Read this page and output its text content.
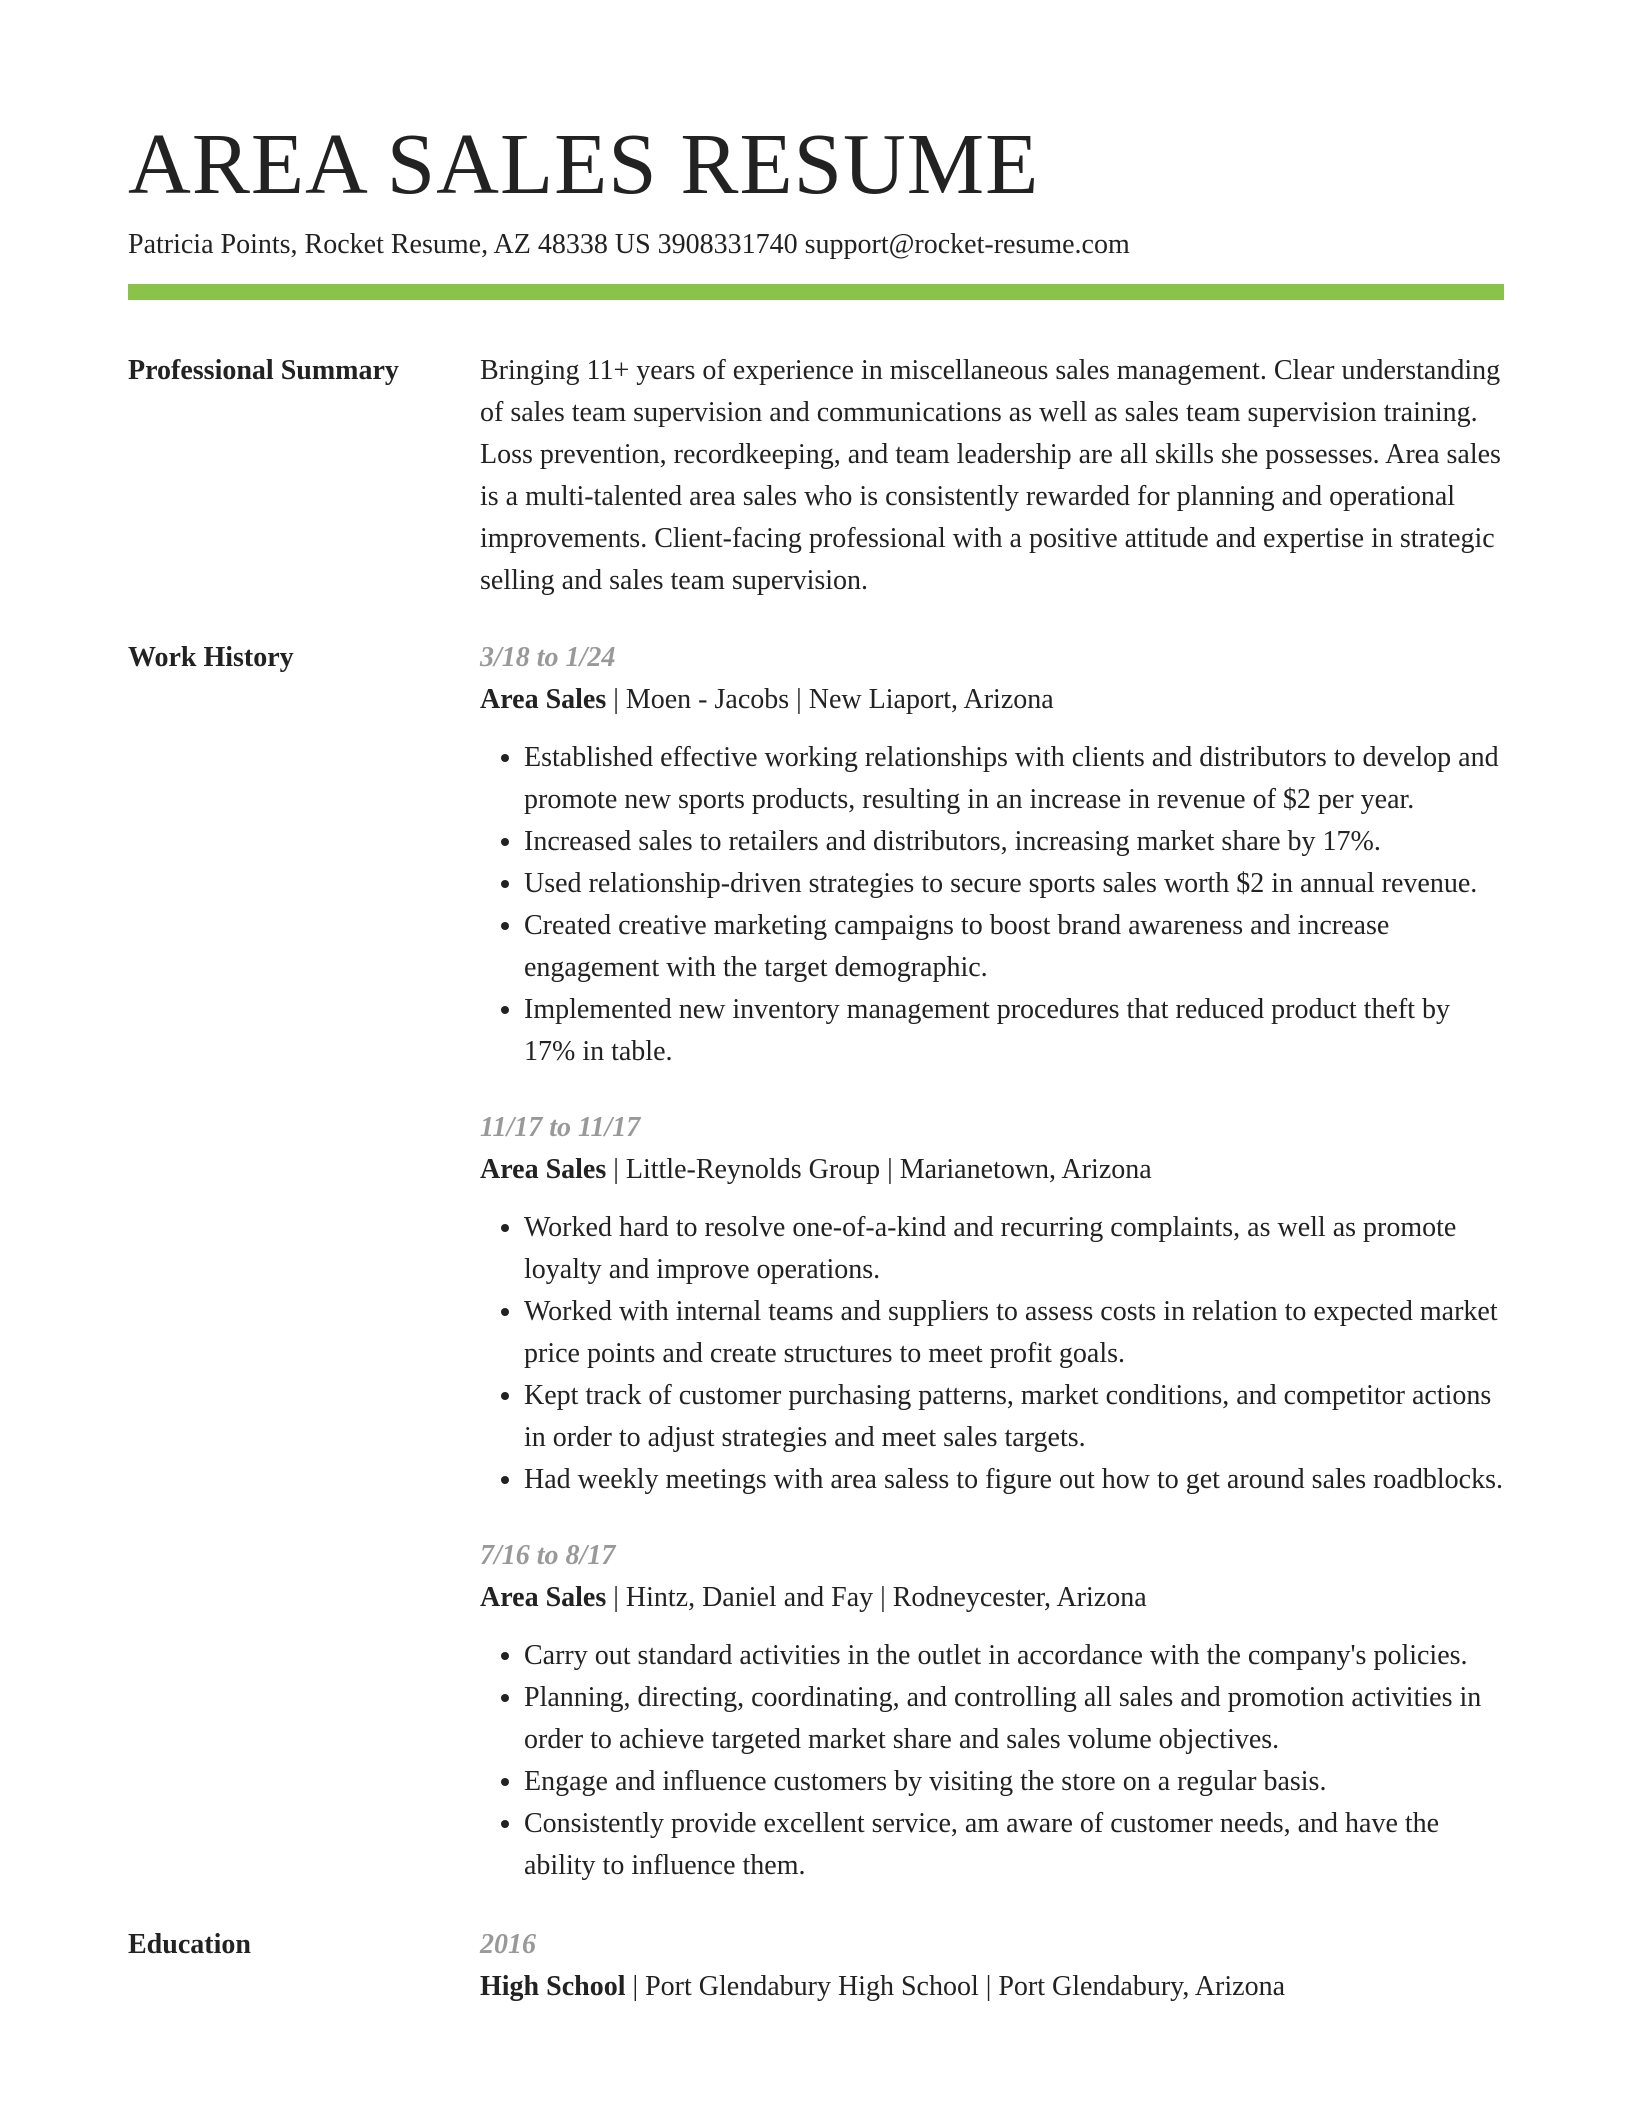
AREA SALES RESUME
Patricia Points, Rocket Resume, AZ 48338 US 3908331740 support@rocket-resume.com
Professional Summary	Bringing 11+ years of experience in miscellaneous sales management. Clear understanding of sales team supervision and communications as well as sales team supervision training. Loss prevention, recordkeeping, and team leadership are all skills she possesses. Area sales is a multi-talented area sales who is consistently rewarded for planning and operational improvements. Client-facing professional with a positive attitude and expertise in strategic selling and sales team supervision.

Work History	3/18 to 1/24
Area Sales | Moen - Jacobs | New Liaport, Arizona
• Established effective working relationships with clients and distributors to develop and promote new sports products, resulting in an increase in revenue of $2 per year.
• Increased sales to retailers and distributors, increasing market share by 17%.
• Used relationship-driven strategies to secure sports sales worth $2 in annual revenue.
• Created creative marketing campaigns to boost brand awareness and increase engagement with the target demographic.
• Implemented new inventory management procedures that reduced product theft by 17% in table.
11/17 to 11/17
Area Sales | Little-Reynolds Group | Marianetown, Arizona
• Worked hard to resolve one-of-a-kind and recurring complaints, as well as promote loyalty and improve operations.
• Worked with internal teams and suppliers to assess costs in relation to expected market price points and create structures to meet profit goals.
• Kept track of customer purchasing patterns, market conditions, and competitor actions in order to adjust strategies and meet sales targets.
• Had weekly meetings with area saless to figure out how to get around sales roadblocks.
7/16 to 8/17
Area Sales | Hintz, Daniel and Fay | Rodneycester, Arizona
• Carry out standard activities in the outlet in accordance with the company's policies.
• Planning, directing, coordinating, and controlling all sales and promotion activities in order to achieve targeted market share and sales volume objectives.
• Engage and influence customers by visiting the store on a regular basis.
• Consistently provide excellent service, am aware of customer needs, and have the ability to influence them.
Education	2016
High School | Port Glendabury High School | Port Glendabury, Arizona
